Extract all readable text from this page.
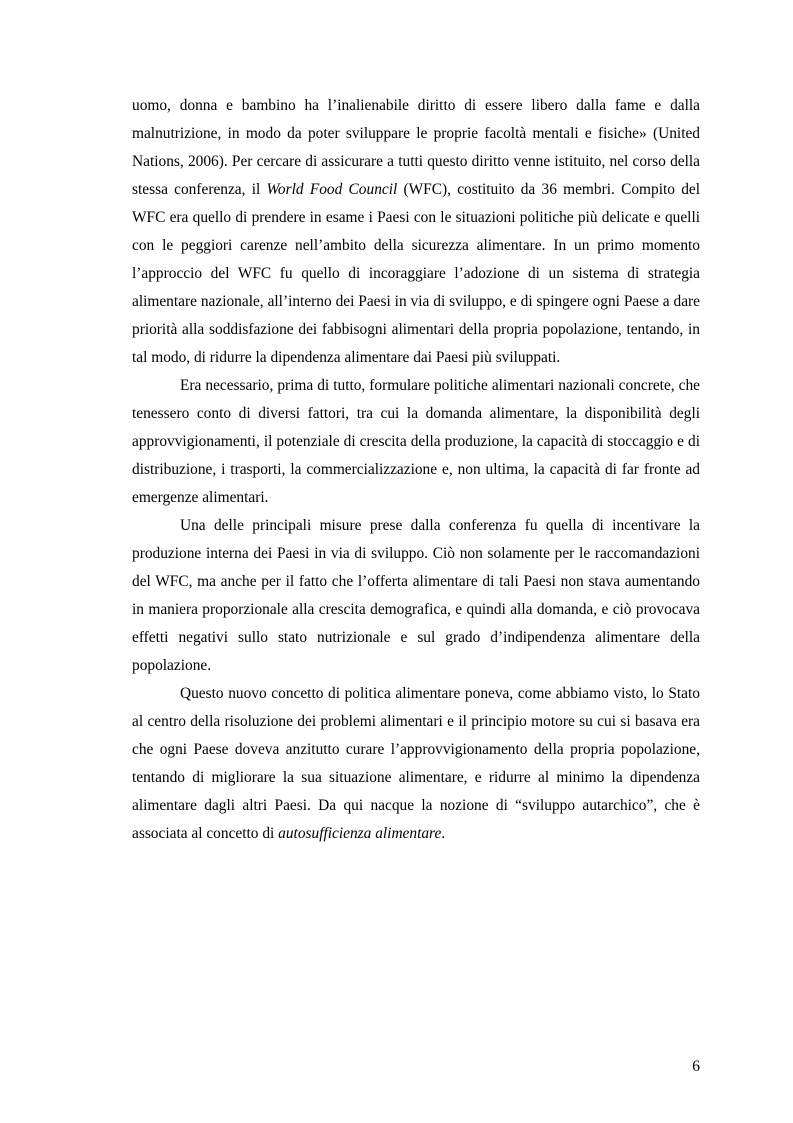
uomo, donna e bambino ha l’inalienabile diritto di essere libero dalla fame e dalla malnutrizione, in modo da poter sviluppare le proprie facoltà mentali e fisiche» (United Nations, 2006). Per cercare di assicurare a tutti questo diritto venne istituito, nel corso della stessa conferenza, il World Food Council (WFC), costituito da 36 membri. Compito del WFC era quello di prendere in esame i Paesi con le situazioni politiche più delicate e quelli con le peggiori carenze nell’ambito della sicurezza alimentare. In un primo momento l’approccio del WFC fu quello di incoraggiare l’adozione di un sistema di strategia alimentare nazionale, all’interno dei Paesi in via di sviluppo, e di spingere ogni Paese a dare priorità alla soddisfazione dei fabbisogni alimentari della propria popolazione, tentando, in tal modo, di ridurre la dipendenza alimentare dai Paesi più sviluppati.

Era necessario, prima di tutto, formulare politiche alimentari nazionali concrete, che tenessero conto di diversi fattori, tra cui la domanda alimentare, la disponibilità degli approvvigionamenti, il potenziale di crescita della produzione, la capacità di stoccaggio e di distribuzione, i trasporti, la commercializzazione e, non ultima, la capacità di far fronte ad emergenze alimentari.

Una delle principali misure prese dalla conferenza fu quella di incentivare la produzione interna dei Paesi in via di sviluppo. Ciò non solamente per le raccomandazioni del WFC, ma anche per il fatto che l’offerta alimentare di tali Paesi non stava aumentando in maniera proporzionale alla crescita demografica, e quindi alla domanda, e ciò provocava effetti negativi sullo stato nutrizionale e sul grado d’indipendenza alimentare della popolazione.

Questo nuovo concetto di politica alimentare poneva, come abbiamo visto, lo Stato al centro della risoluzione dei problemi alimentari e il principio motore su cui si basava era che ogni Paese doveva anzitutto curare l’approvvigionamento della propria popolazione, tentando di migliorare la sua situazione alimentare, e ridurre al minimo la dipendenza alimentare dagli altri Paesi. Da qui nacque la nozione di “sviluppo autarchico”, che è associata al concetto di autosufficienza alimentare.

6
